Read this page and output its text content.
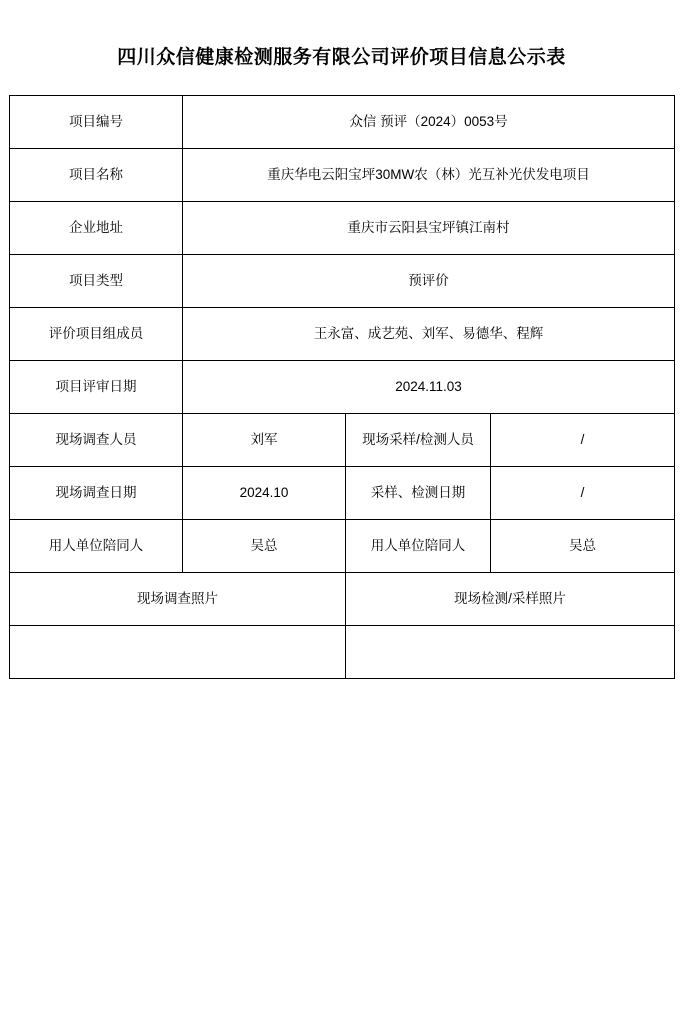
四川众信健康检测服务有限公司评价项目信息公示表
项目编号	众信 预评（2024）0053号		

项目名称	重庆华电云阳宝坪30MW农（林）光互补光伏发电项目		

企业地址	重庆市云阳县宝坪镇江南村		

项目类型	预评价		

评价项目组成员	王永富、成艺苑、刘军、易德华、程辉		

项目评审日期	2024.11.03		

现场调查人员	刘军	现场采样/检测人员	/

现场调查日期	2024.10	采样、检测日期	/

用人单位陪同人	吴总	用人单位陪同人	吴总

现场调查照片		现场检测/采样照片	
